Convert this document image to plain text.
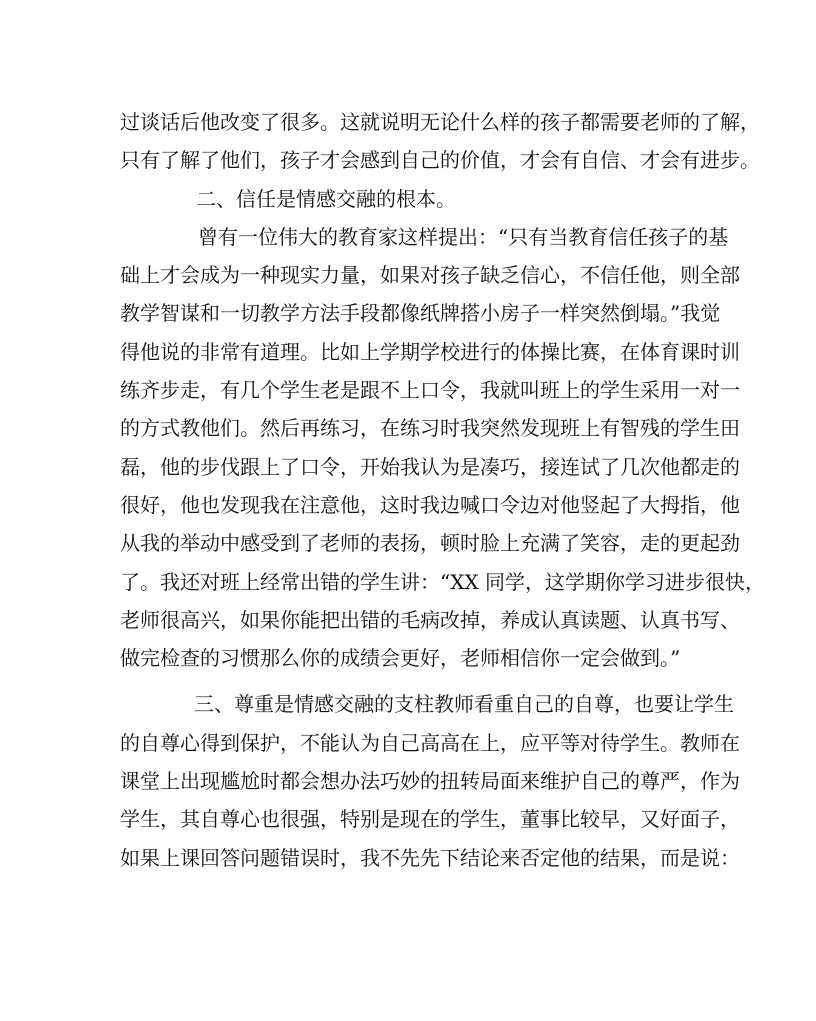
过谈话后他改变了很多。这就说明无论什么样的孩子都需要老师的了解，
只有了解了他们，孩子才会感到自己的价值，才会有自信、才会有进步。
二、信任是情感交融的根本。
曾有一位伟大的教育家这样提出：“只有当教育信任孩子的基
础上才会成为一种现实力量，如果对孩子缺乏信心，不信任他，则全部
教学智谋和一切教学方法手段都像纸牌搭小房子一样突然倒塌。”我觉
得他说的非常有道理。比如上学期学校进行的体操比赛，在体育课时训
练齐步走，有几个学生老是跟不上口令，我就叫班上的学生采用一对一
的方式教他们。然后再练习，在练习时我突然发现班上有智残的学生田
磊，他的步伐跟上了口令，开始我认为是凑巧，接连试了几次他都走的
很好，他也发现我在注意他，这时我边喊口令边对他竖起了大拇指，他
从我的举动中感受到了老师的表扬，顿时脸上充满了笑容，走的更起劲
了。我还对班上经常出错的学生讲：“XX 同学，这学期你学习进步很快，
老师很高兴，如果你能把出错的毛病改掉，养成认真读题、认真书写、
做完检查的习惯那么你的成绩会更好，老师相信你一定会做到。”
三、尊重是情感交融的支柱教师看重自己的自尊，也要让学生
的自尊心得到保护，不能认为自己高高在上，应平等对待学生。教师在
课堂上出现尴尬时都会想办法巧妙的扭转局面来维护自己的尊严，作为
学生，其自尊心也很强，特别是现在的学生，董事比较早，又好面子，
如果上课回答问题错误时，我不先先下结论来否定他的结果，而是说：
